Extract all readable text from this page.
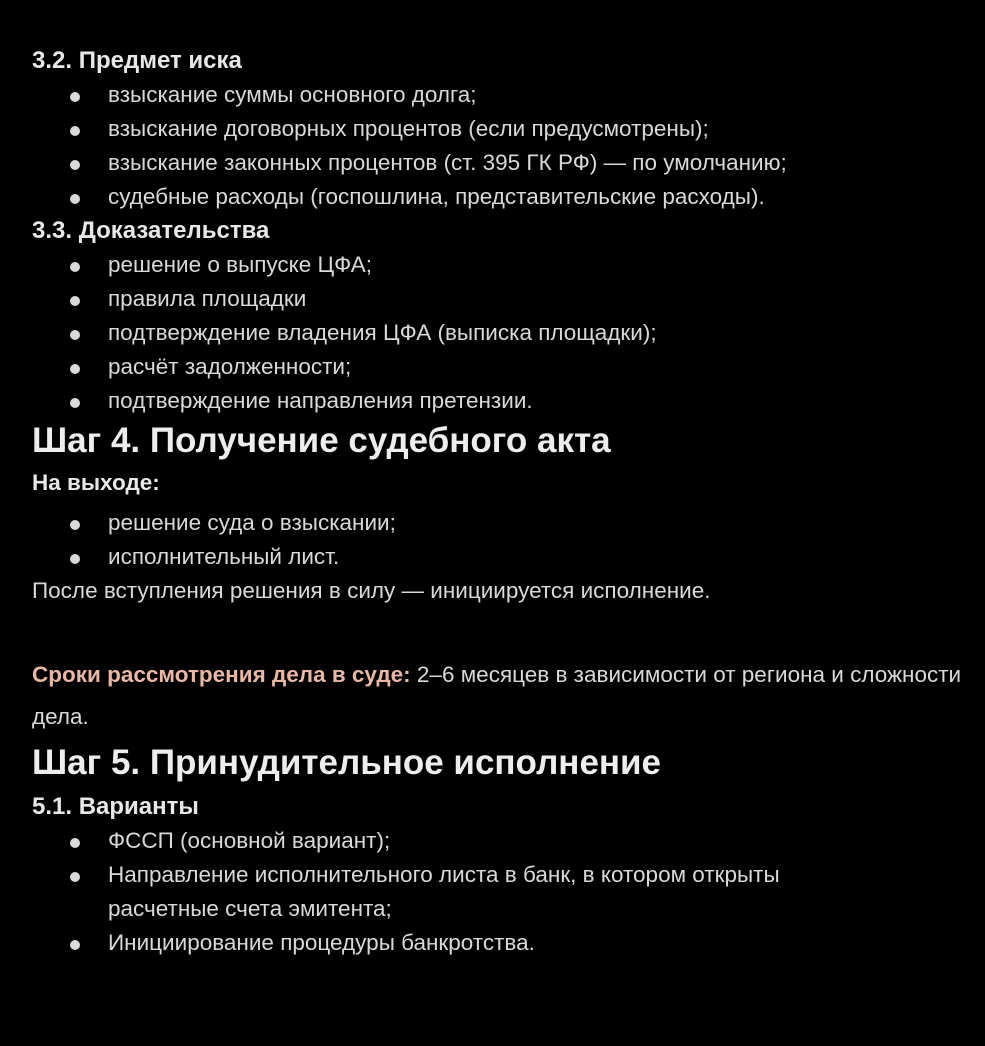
3.2. Предмет иска
взыскание суммы основного долга;
взыскание договорных процентов (если предусмотрены);
взыскание законных процентов (ст. 395 ГК РФ) — по умолчанию;
судебные расходы (госпошлина, представительские расходы).
3.3. Доказательства
решение о выпуске ЦФА;
правила площадки
подтверждение владения ЦФА (выписка площадки);
расчёт задолженности;
подтверждение направления претензии.
Шаг 4. Получение судебного акта
На выходе:
решение суда о взыскании;
исполнительный лист.

После вступления решения в силу — инициируется исполнение.

Сроки рассмотрения дела в суде: 2–6 месяцев в зависимости от региона и сложности дела.

Шаг 5. Принудительное исполнение
5.1. Варианты
ФССП (основной вариант);
Направление исполнительного листа в банк, в котором открыты расчетные счета эмитента;
Инициирование процедуры банкротства.
